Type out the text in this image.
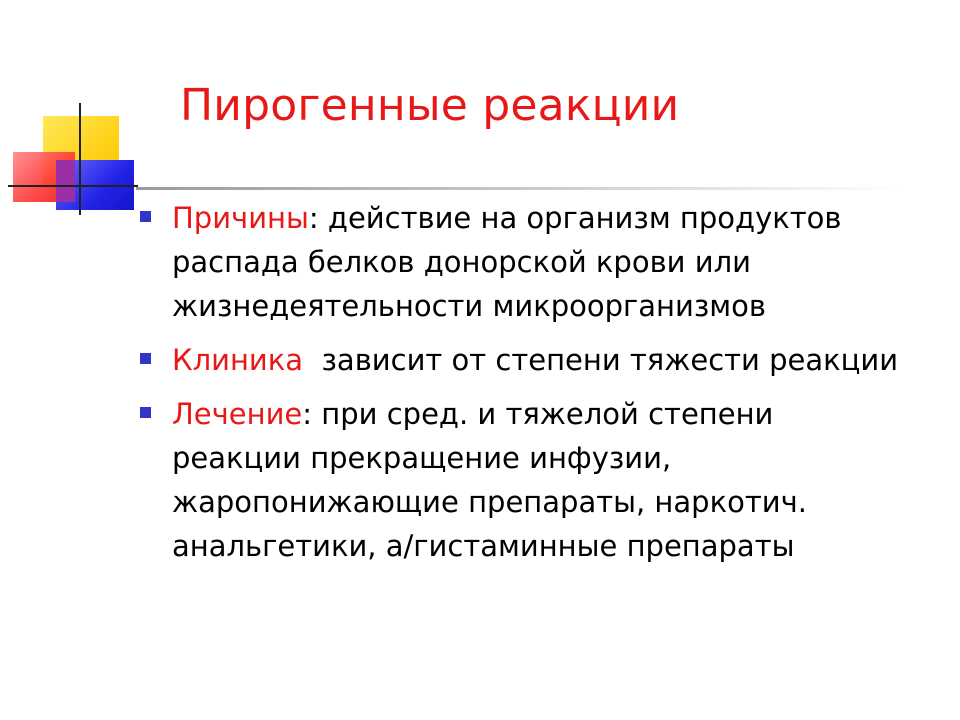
Пирогенные реакции
Причины: действие на организм продуктов распада белков донорской крови или жизнедеятельности микроорганизмов
Клиника зависит от степени тяжести реакции
Лечение: при сред. и тяжелой степени реакции прекращение инфузии, жаропонижающие препараты, наркотич. анальгетики, а/гистаминные препараты
